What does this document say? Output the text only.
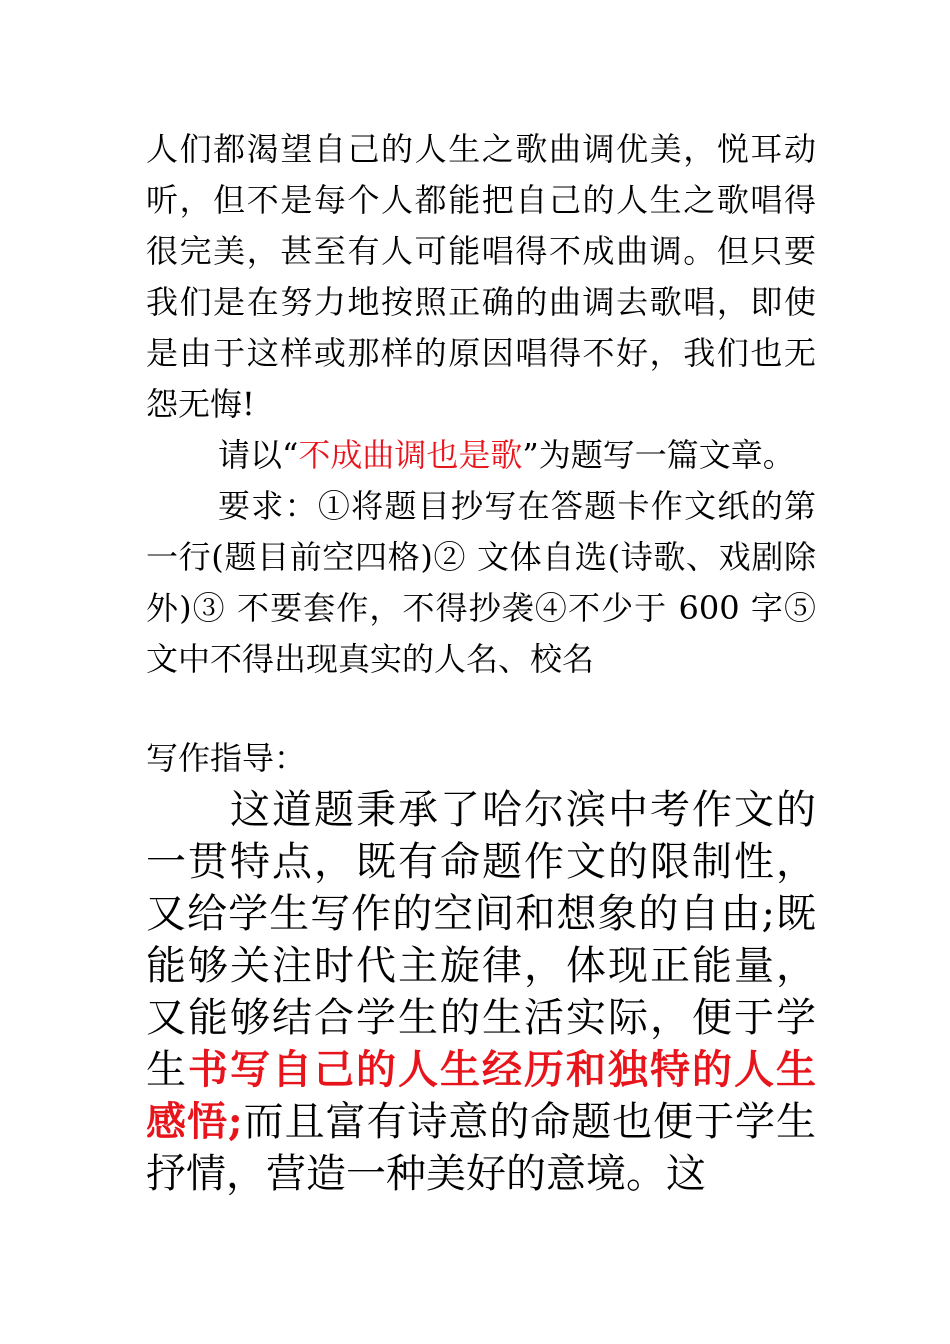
人们都渴望自己的人生之歌曲调优美，悦耳动听，但不是每个人都能把自己的人生之歌唱得很完美，甚至有人可能唱得不成曲调。但只要我们是在努力地按照正确的曲调去歌唱，即使是由于这样或那样的原因唱得不好，我们也无怨无悔!

请以“不成曲调也是歌”为题写一篇文章。

要求：①将题目抄写在答题卡作文纸的第一行(题目前空四格)② 文体自选(诗歌、戏剧除外)③ 不要套作，不得抄袭④不少于 600 字⑤文中不得出现真实的人名、校名

写作指导：

这道题秉承了哈尔滨中考作文的一贯特点，既有命题作文的限制性，又给学生写作的空间和想象的自由;既能够关注时代主旋律，体现正能量，又能够结合学生的生活实际，便于学生书写自己的人生经历和独特的人生感悟;而且富有诗意的命题也便于学生抒情，营造一种美好的意境。这
